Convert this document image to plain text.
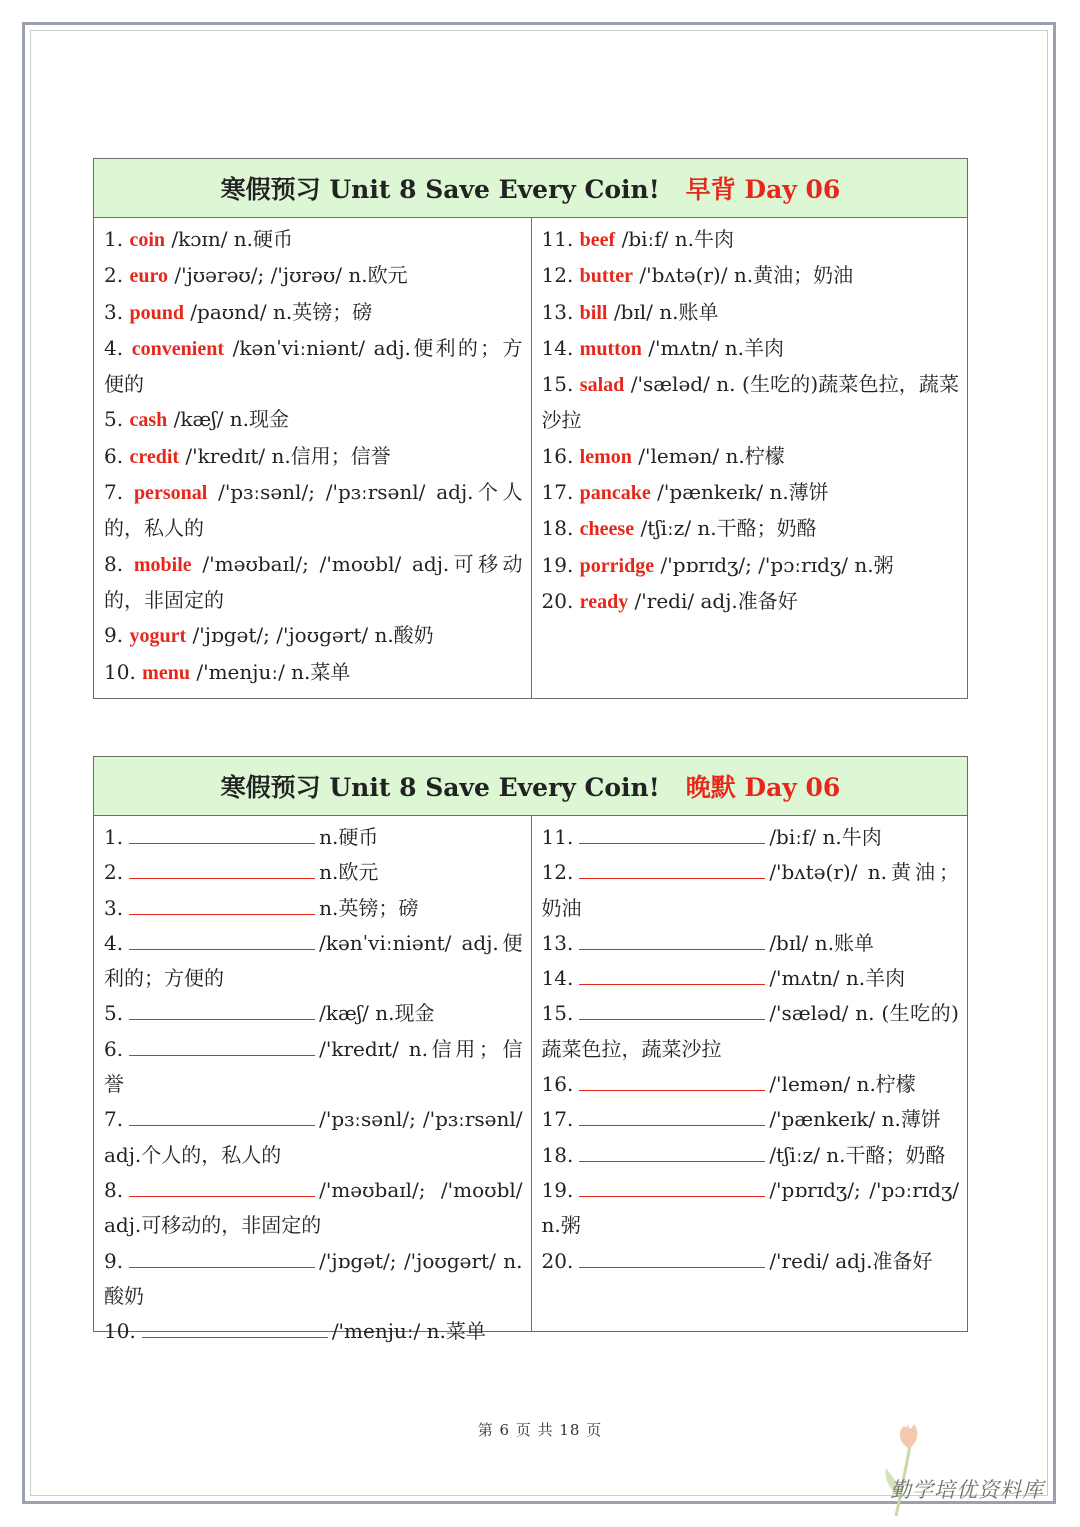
寒假预习 Unit 8 Save Every Coin! 早背 Day 06

1. coin /kɔɪn/ n.硬币

2. euro /'jʊərəʊ/; /'jʊrəʊ/ n.欧元

3. pound /paʊnd/ n.英镑；磅

4. convenient /kənˈviːniənt/ adj.便利的；方便的

5. cash /kæʃ/ n.现金

6. credit /'kredɪt/ n.信用；信誉

7. personal /'pɜːsənl/; /'pɜːrsənl/ adj.个人的，私人的

8. mobile /'məʊbaɪl/; /'moʊbl/ adj.可移动的，非固定的

9. yogurt /'jɒgət/; /'joʊgərt/ n.酸奶

10. menu /'menjuː/ n.菜单

11. beef /biːf/ n.牛肉

12. butter /'bʌtə(r)/ n.黄油；奶油

13. bill /bɪl/ n.账单

14. mutton /'mʌtn/ n.羊肉

15. salad /'sæləd/ n. (生吃的)蔬菜色拉，蔬菜沙拉

16. lemon /'lemən/ n.柠檬

17. pancake /'pænkeɪk/ n.薄饼

18. cheese /tʃiːz/ n.干酪；奶酪

19. porridge /'pɒrɪdʒ/; /'pɔːrɪdʒ/ n.粥

20. ready /'redi/ adj.准备好

寒假预习 Unit 8 Save Every Coin! 晚默 Day 06

1.	n.硬币

2.	n.欧元

3.	n.英镑；磅

4.	/kənˈviːniənt/ adj.便利的；方便的

5.	/kæʃ/ n.现金

6.	/'kredɪt/ n.信用；信誉

7.	/'pɜːsənl/; /'pɜːrsənl/ adj.个人的，私人的

8.	/'məʊbaɪl/; /'moʊbl/ adj.可移动的，非固定的

9.	/'jɒgət/; /'joʊgərt/ n.酸奶

10.	/'menjuː/ n.菜单

11.	/biːf/ n.牛肉

12.	/'bʌtə(r)/ n.黄油；奶油

13.	/bɪl/ n.账单

14.	/'mʌtn/ n.羊肉

15.	/'sæləd/ n. (生吃的)蔬菜色拉，蔬菜沙拉

16.	/'lemən/ n.柠檬

17.	/'pænkeɪk/ n.薄饼

18.	/tʃiːz/ n.干酪；奶酪

19.	/'pɒrɪdʒ/; /'pɔːrɪdʒ/ n.粥

20.	/'redi/ adj.准备好

第 6 页 共 18 页
勤学培优资料库
